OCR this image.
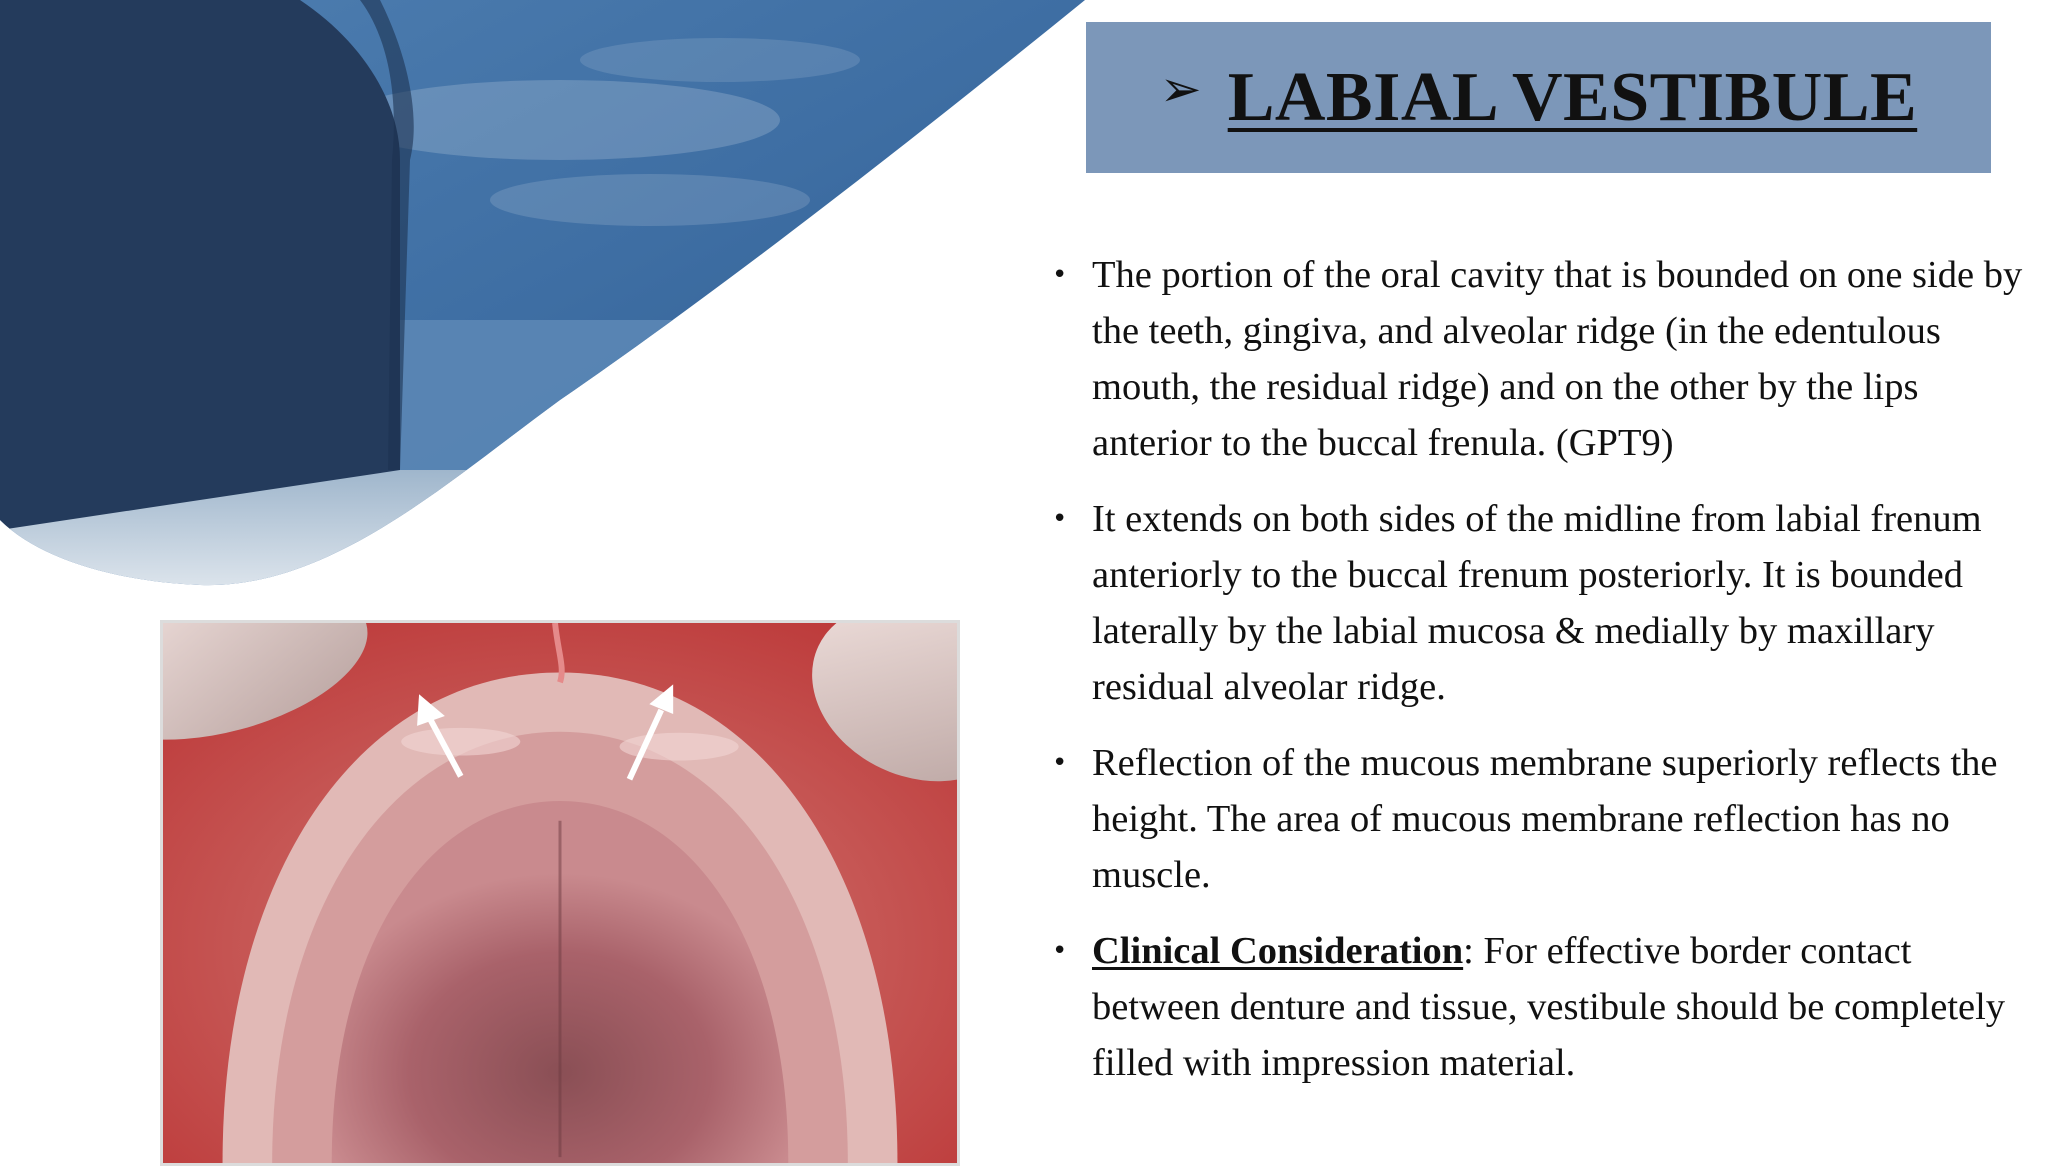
➢ LABIAL VESTIBULE
• The portion of the oral cavity that is bounded on one side by the teeth, gingiva, and alveolar ridge (in the edentulous mouth, the residual ridge) and on the other by the lips anterior to the buccal frenula. (GPT9)
• It extends on both sides of the midline from labial frenum anteriorly to the buccal frenum posteriorly. It is bounded laterally by the labial mucosa & medially by maxillary residual alveolar ridge.
• Reflection of the mucous membrane superiorly reflects the height. The area of mucous membrane reflection has no muscle.
• Clinical Consideration: For effective border contact between denture and tissue, vestibule should be completely filled with impression material.
